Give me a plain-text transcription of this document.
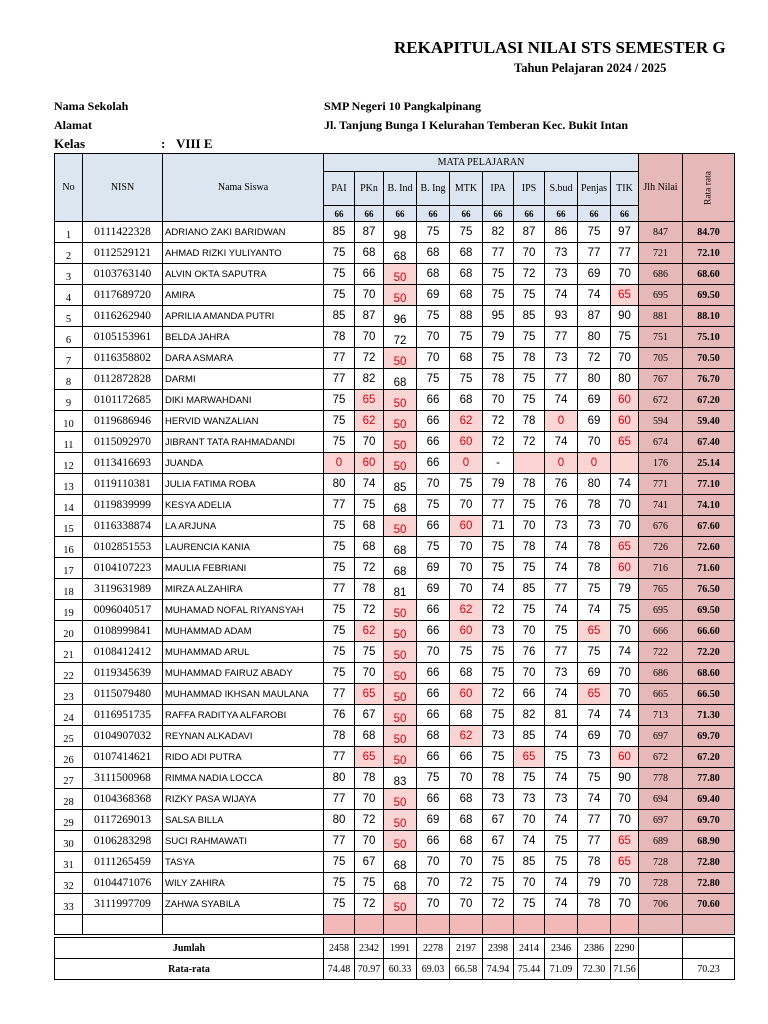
REKAPITULASI NILAI STS SEMESTER G
Tahun Pelajaran 2024 / 2025
Nama Sekolah	SMP Negeri 10 Pangkalpinang
Alamat	Jl. Tanjung Bunga I Kelurahan Temberan Kec. Bukit Intan
Kelas	: VIII E
No	NISN	Nama Siswa	MATA PELAJARAN										Jlh Nilai	Rata rata

			PAI	PKn	B. Ind	B. Ing	MTK	IPA	IPS	S.bud	Penjas	TIK		
			66	66	66	66	66	66	66	66	66	66		
1	0111422328	ADRIANO ZAKI BARIDWAN	85	87	98	75	75	82	87	86	75	97	847	84.70
2	0112529121	AHMAD RIZKI YULIYANTO	75	68	68	68	68	77	70	73	77	77	721	72.10
3	0103763140	ALVIN OKTA SAPUTRA	75	66	50	68	68	75	72	73	69	70	686	68.60
4	0117689720	AMIRA	75	70	50	69	68	75	75	74	74	65	695	69.50
5	0116262940	APRILIA AMANDA PUTRI	85	87	96	75	88	95	85	93	87	90	881	88.10
6	0105153961	BELDA JAHRA	78	70	72	70	75	79	75	77	80	75	751	75.10
7	0116358802	DARA ASMARA	77	72	50	70	68	75	78	73	72	70	705	70.50
8	0112872828	DARMI	77	82	68	75	75	78	75	77	80	80	767	76.70
9	0101172685	DIKI MARWAHDANI	75	65	50	66	68	70	75	74	69	60	672	67.20
10	0119686946	HERVID WANZALIAN	75	62	50	66	62	72	78	0	69	60	594	59.40
11	0115092970	JIBRANT TATA RAHMADANDI	75	70	50	66	60	72	72	74	70	65	674	67.40
12	0113416693	JUANDA	0	60	50	66	0	-		0	0		176	25.14
13	0119110381	JULIA FATIMA ROBA	80	74	85	70	75	79	78	76	80	74	771	77.10
14	0119839999	KESYA ADELIA	77	75	68	75	70	77	75	76	78	70	741	74.10
15	0116338874	LA ARJUNA	75	68	50	66	60	71	70	73	73	70	676	67.60
16	0102851553	LAURENCIA KANIA	75	68	68	75	70	75	78	74	78	65	726	72.60
17	0104107223	MAULIA FEBRIANI	75	72	68	69	70	75	75	74	78	60	716	71.60
18	3119631989	MIRZA ALZAHIRA	77	78	81	69	70	74	85	77	75	79	765	76.50
19	0096040517	MUHAMAD NOFAL RIYANSYAH	75	72	50	66	62	72	75	74	74	75	695	69.50
20	0108999841	MUHAMMAD ADAM	75	62	50	66	60	73	70	75	65	70	666	66.60
21	0108412412	MUHAMMAD ARUL	75	75	50	70	75	75	76	77	75	74	722	72.20
22	0119345639	MUHAMMAD FAIRUZ ABADY	75	70	50	66	68	75	70	73	69	70	686	68.60
23	0115079480	MUHAMMAD IKHSAN MAULANA	77	65	50	66	60	72	66	74	65	70	665	66.50
24	0116951735	RAFFA RADITYA ALFAROBI	76	67	50	66	68	75	82	81	74	74	713	71.30
25	0104907032	REYNAN ALKADAVI	78	68	50	68	62	73	85	74	69	70	697	69.70
26	0107414621	RIDO ADI PUTRA	77	65	50	66	66	75	65	75	73	60	672	67.20
27	3111500968	RIMMA NADIA LOCCA	80	78	83	75	70	78	75	74	75	90	778	77.80
28	0104368368	RIZKY PASA WIJAYA	77	70	50	66	68	73	73	73	74	70	694	69.40
29	0117269013	SALSA BILLA	80	72	50	69	68	67	70	74	77	70	697	69.70
30	0106283298	SUCI RAHMAWATI	77	70	50	66	68	67	74	75	77	65	689	68.90
31	0111265459	TASYA	75	67	68	70	70	75	85	75	78	65	728	72.80
32	0104471076	WILY ZAHIRA	75	75	68	70	72	75	70	74	79	70	728	72.80
33	3111997709	ZAHWA SYABILA	75	72	50	70	70	72	75	74	78	70	706	70.60

Jumlah			2458	2342	1991	2278	2197	2398	2414	2346	2386	2290		
Rata-rata			74.48	70.97	60.33	69.03	66.58	74.94	75.44	71.09	72.30	71.56		70.23
